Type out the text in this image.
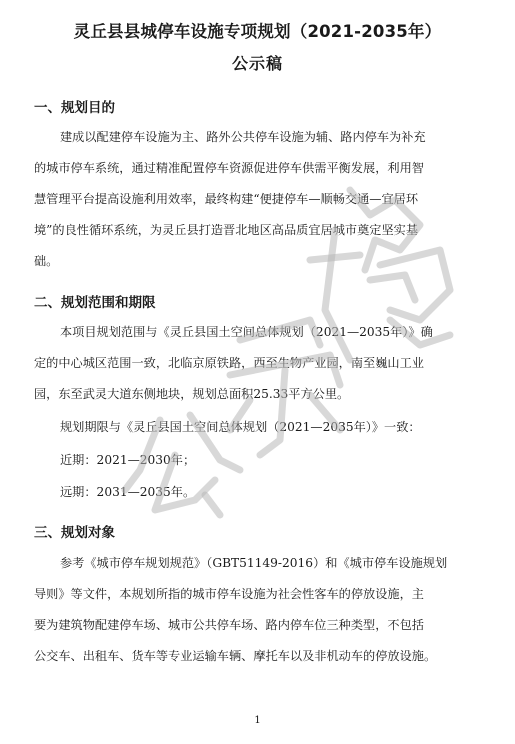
灵丘县县城停车设施专项规划（2021-2035年）
公示稿
一、规划目的
建成以配建停车设施为主、路外公共停车设施为辅、路内停车为补充
的城市停车系统，通过精准配置停车资源促进停车供需平衡发展，利用智
慧管理平台提高设施利用效率，最终构建“便捷停车—顺畅交通—宜居环
境”的良性循环系统，为灵丘县打造晋北地区高品质宜居城市奠定坚实基
础。
二、规划范围和期限
本项目规划范围与《灵丘县国土空间总体规划（2021—2035年）》确
定的中心城区范围一致，北临京原铁路，西至生物产业园，南至巍山工业
园，东至武灵大道东侧地块，规划总面积25.33平方公里。
规划期限与《灵丘县国土空间总体规划（2021—2035年）》一致：
近期：2021—2030年；
远期：2031—2035年。
三、规划对象
参考《城市停车规划规范》（GBT51149-2016）和《城市停车设施规划
导则》等文件，本规划所指的城市停车设施为社会性客车的停放设施，主
要为建筑物配建停车场、城市公共停车场、路内停车位三种类型，不包括
公交车、出租车、货车等专业运输车辆、摩托车以及非机动车的停放设施。
1
